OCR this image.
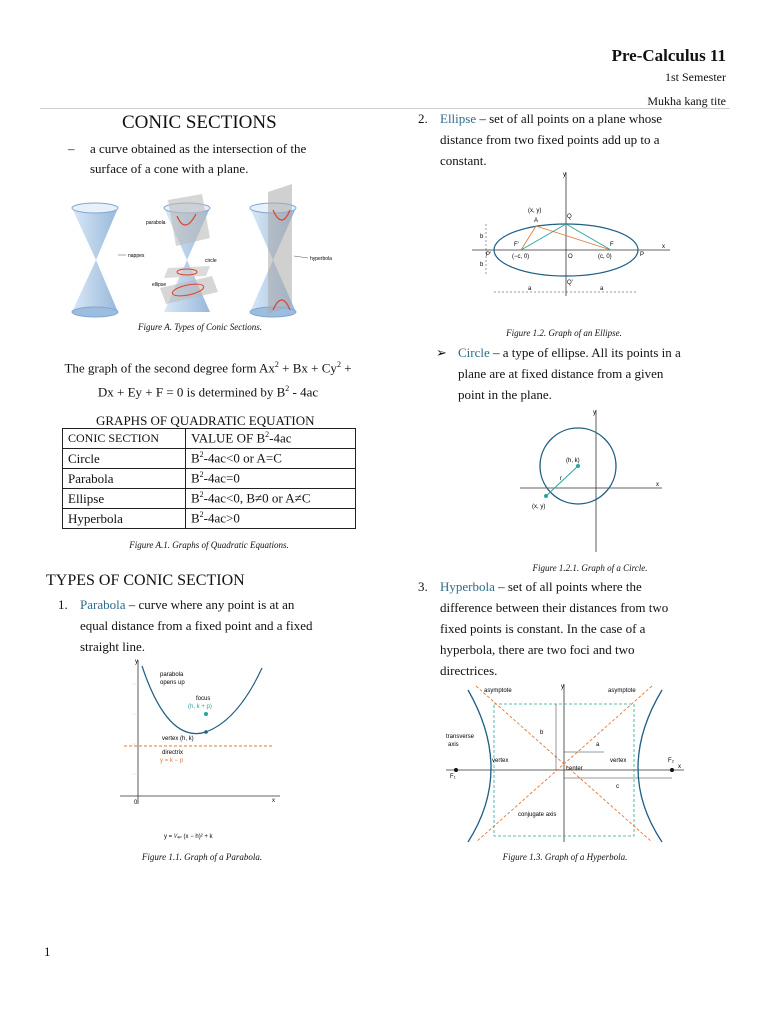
Pre-Calculus 11
1st Semester
Mukha kang tite
CONIC SECTIONS
– a curve obtained as the intersection of the
surface of a cone with a plane.
nappes
parabola
circle
ellipse
hyperbola
Figure A. Types of Conic Sections.
The graph of the second degree form $Ax^2 + Bx + Cy^2$ +
Dx + Ey + F = 0 is determined by $B^2 - 4ac$
GRAPHS OF QUADRATIC EQUATION
CONIC SECTION	VALUE OF $B^2-4ac$
Circle	$B^2-4ac<0$ or A=C
Parabola	$B^2-4ac=0$
Ellipse	$B^2-4ac<0$, B≠0 or A≠C
Hyperbola	$B^2-4ac>0$
Figure A.1. Graphs of Quadratic Equations.
TYPES OF CONIC SECTION
1. Parabola – curve where any point is at an
equal distance from a fixed point and a fixed
straight line.
y
x
0
parabola
opens up
focus
(h, k + p)
vertex (h, k)
directrix
y = k − p
y = ¹⁄₄ₚ (x − h)² + k
Figure 1.1. Graph of a Parabola.
2. Ellipse – set of all points on a plane whose
distance from two fixed points add up to a
constant.
y
x
(x, y)
A
Q
F'	F
P'	P
O
(−c, 0)	(c, 0)
b
b
a	a
Q'
Figure 1.2. Graph of an Ellipse.
➢ Circle – a type of ellipse. All its points in a
plane are at fixed distance from a given
point in the plane.
y
x
(h, k)
r
(x, y)
Figure 1.2.1. Graph of a Circle.
3. Hyperbola – set of all points where the
difference between their distances from two
fixed points is constant. In the case of a
hyperbola, there are two foci and two
directrices.
y
x
asymptote	asymptote
transverse
axis
vertex	vertex
center
conjugate axis
b
a
c
F₁
F₂
Figure 1.3. Graph of a Hyperbola.
1
